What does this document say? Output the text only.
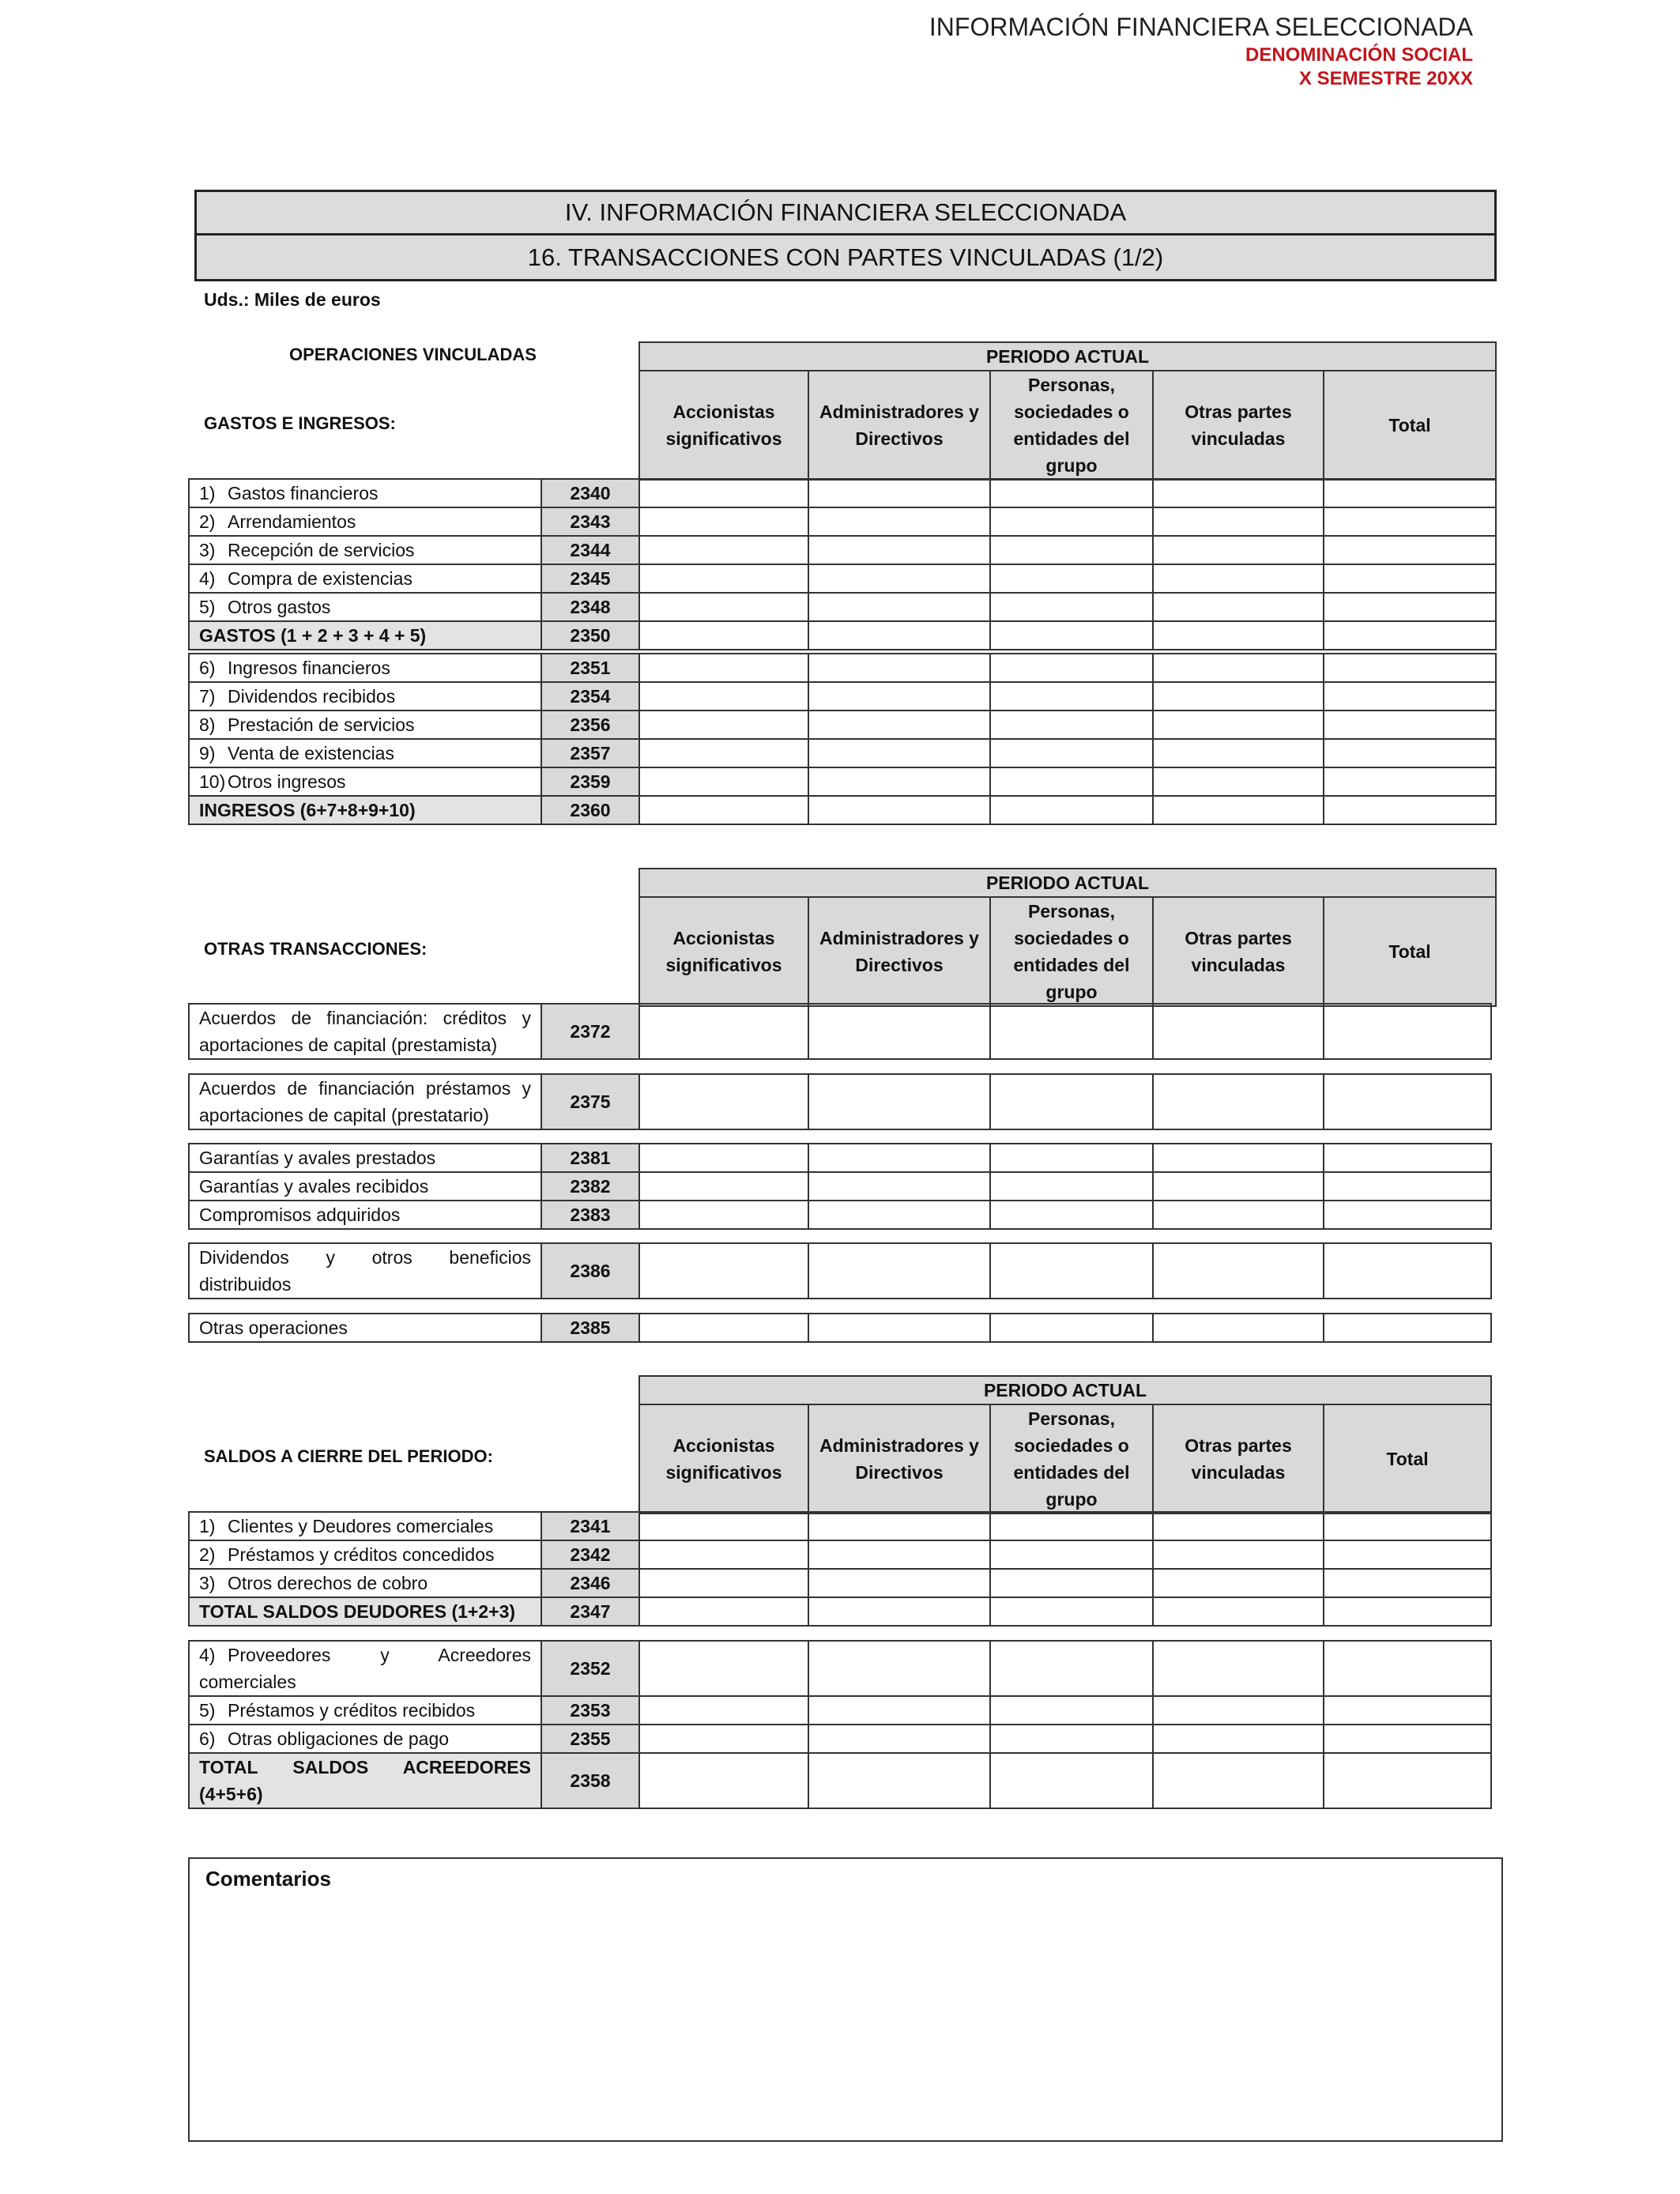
INFORMACIÓN FINANCIERA SELECCIONADA
DENOMINACIÓN SOCIAL
X SEMESTRE 20XX
IV. INFORMACIÓN FINANCIERA SELECCIONADA
16. TRANSACCIONES CON PARTES VINCULADAS (1/2)
Uds.: Miles de euros
OPERACIONES VINCULADAS
GASTOS E INGRESOS:
PERIODO ACTUAL
Accionistas significativos	Administradores y Directivos	Personas, sociedades o entidades del grupo	Otras partes vinculadas	Total
1) Gastos financieros	2340					
2) Arrendamientos	2343					
3) Recepción de servicios	2344					
4) Compra de existencias	2345					
5) Otros gastos	2348					
GASTOS (1 + 2 + 3 + 4 + 5)	2350					
6) Ingresos financieros	2351					
7) Dividendos recibidos	2354					
8) Prestación de servicios	2356					
9) Venta de existencias	2357					
10) Otros ingresos	2359					
INGRESOS (6+7+8+9+10)	2360					
OTRAS TRANSACCIONES:
PERIODO ACTUAL
Accionistas significativos	Administradores y Directivos	Personas, sociedades o entidades del grupo	Otras partes vinculadas	Total
Acuerdos de financiación: créditos y aportaciones de capital (prestamista)	2372					
Acuerdos de financiación préstamos y aportaciones de capital (prestatario)	2375					
Garantías y avales prestados	2381					
Garantías y avales recibidos	2382					
Compromisos adquiridos	2383					
Dividendos y otros beneficios distribuidos	2386					
Otras operaciones	2385					
SALDOS A CIERRE DEL PERIODO:
PERIODO ACTUAL
Accionistas significativos	Administradores y Directivos	Personas, sociedades o entidades del grupo	Otras partes vinculadas	Total
1) Clientes y Deudores comerciales	2341					
2) Préstamos y créditos concedidos	2342					
3) Otros derechos de cobro	2346					
TOTAL SALDOS DEUDORES (1+2+3)	2347					
4) Proveedores y Acreedores comerciales	2352					
5) Préstamos y créditos recibidos	2353					
6) Otras obligaciones de pago	2355					
TOTAL SALDOS ACREEDORES (4+5+6)	2358					
Comentarios
